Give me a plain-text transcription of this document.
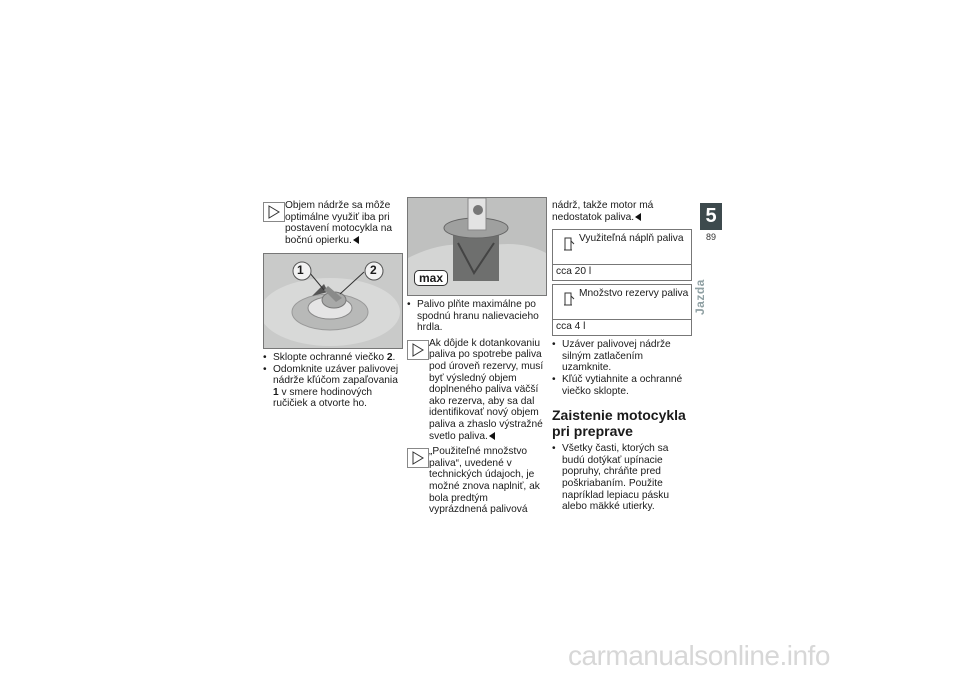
Objem nádrže sa môže optimálne využiť iba pri postavení motocykla na bočnú opierku.

1	2

• Sklopte ochranné viečko 2.

• Odomknite uzáver palivovej nádrže kľúčom zapaľovania 1 v smere hodinových ručičiek a otvorte ho.

max

• Palivo plňte maximálne po spodnú hranu nalievacieho hrdla.

Ak dôjde k dotankovaniu paliva po spotrebe paliva pod úroveň rezervy, musí byť výsledný objem doplneného paliva väčší ako rezerva, aby sa dal identifikovať nový objem paliva a zhaslo výstražné svetlo paliva.

„Použiteľné množstvo paliva“, uvedené v technických údajoch, je možné znova naplniť, ak bola predtým vyprázdnená palivová

nádrž, takže motor má nedostatok paliva.

Využiteľná náplň paliva
cca 20 l
Množstvo rezervy paliva
cca 4 l

• Uzáver palivovej nádrže silným zatlačením uzamknite.

• Kľúč vytiahnite a ochranné viečko sklopte.

Zaistenie motocykla pri preprave

• Všetky časti, ktorých sa budú dotýkať upínacie popruhy, chráňte pred poškriabaním. Použite napríklad lepiacu pásku alebo mäkké utierky.

5
89
Jazda
carmanualsonline.info
